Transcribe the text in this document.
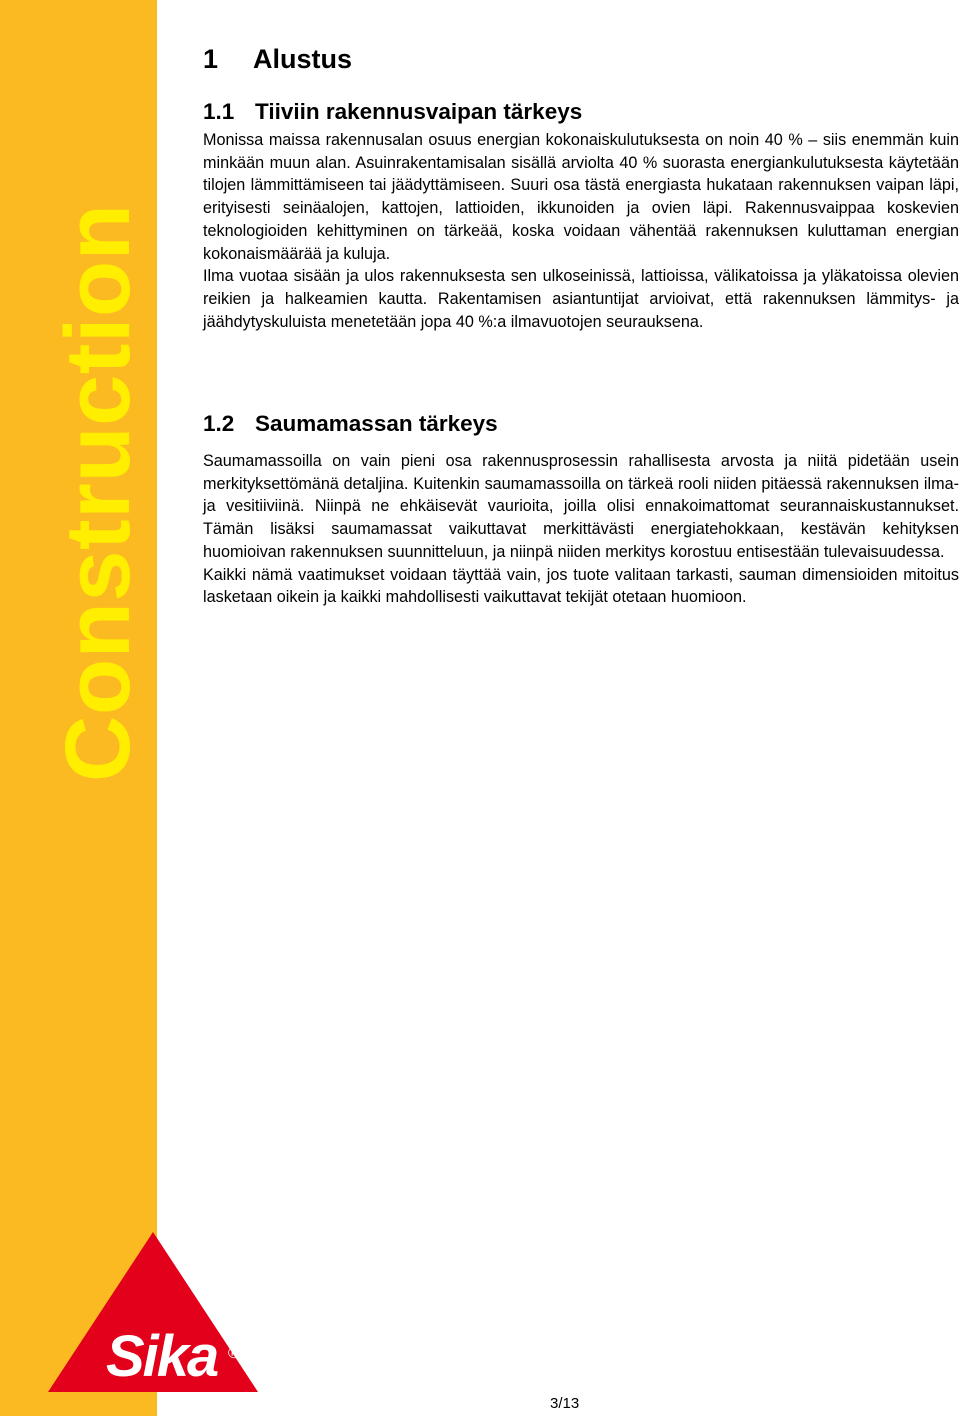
Construction
Sika ®
1 Alustus
1.1 Tiiviin rakennusvaipan tärkeys
Monissa maissa rakennusalan osuus energian kokonaiskulutuksesta on noin 40 % – siis enemmän kuin minkään muun alan. Asuinrakentamisalan sisällä arviolta 40 % suorasta energiankulutuksesta käytetään tilojen lämmittämiseen tai jäädyttämiseen. Suuri osa tästä energiasta hukataan rakennuksen vaipan läpi, erityisesti seinäalojen, kattojen, lattioiden, ikkunoiden ja ovien läpi. Rakennusvaippaa koskevien teknologioiden kehittyminen on tärkeää, koska voidaan vähentää rakennuksen kuluttaman energian kokonaismäärää ja kuluja.
Ilma vuotaa sisään ja ulos rakennuksesta sen ulkoseinissä, lattioissa, välikatoissa ja yläkatoissa olevien reikien ja halkeamien kautta. Rakentamisen asiantuntijat arvioivat, että rakennuksen lämmitys- ja jäähdytyskuluista menetetään jopa 40 %:a ilmavuotojen seurauksena.
1.2 Saumamassan tärkeys
Saumamassoilla on vain pieni osa rakennusprosessin rahallisesta arvosta ja niitä pidetään usein merkityksettömänä detaljina. Kuitenkin saumamassoilla on tärkeä rooli niiden pitäessä rakennuksen ilma- ja vesitiiviinä. Niinpä ne ehkäisevät vaurioita, joilla olisi ennakoimattomat seurannaiskustannukset. Tämän lisäksi saumamassat vaikuttavat merkittävästi energiatehokkaan, kestävän kehityksen huomioivan rakennuksen suunnitteluun, ja niinpä niiden merkitys korostuu entisestään tulevaisuudessa.
Kaikki nämä vaatimukset voidaan täyttää vain, jos tuote valitaan tarkasti, sauman dimensioiden mitoitus lasketaan oikein ja kaikki mahdollisesti vaikuttavat tekijät otetaan huomioon.
3/13
